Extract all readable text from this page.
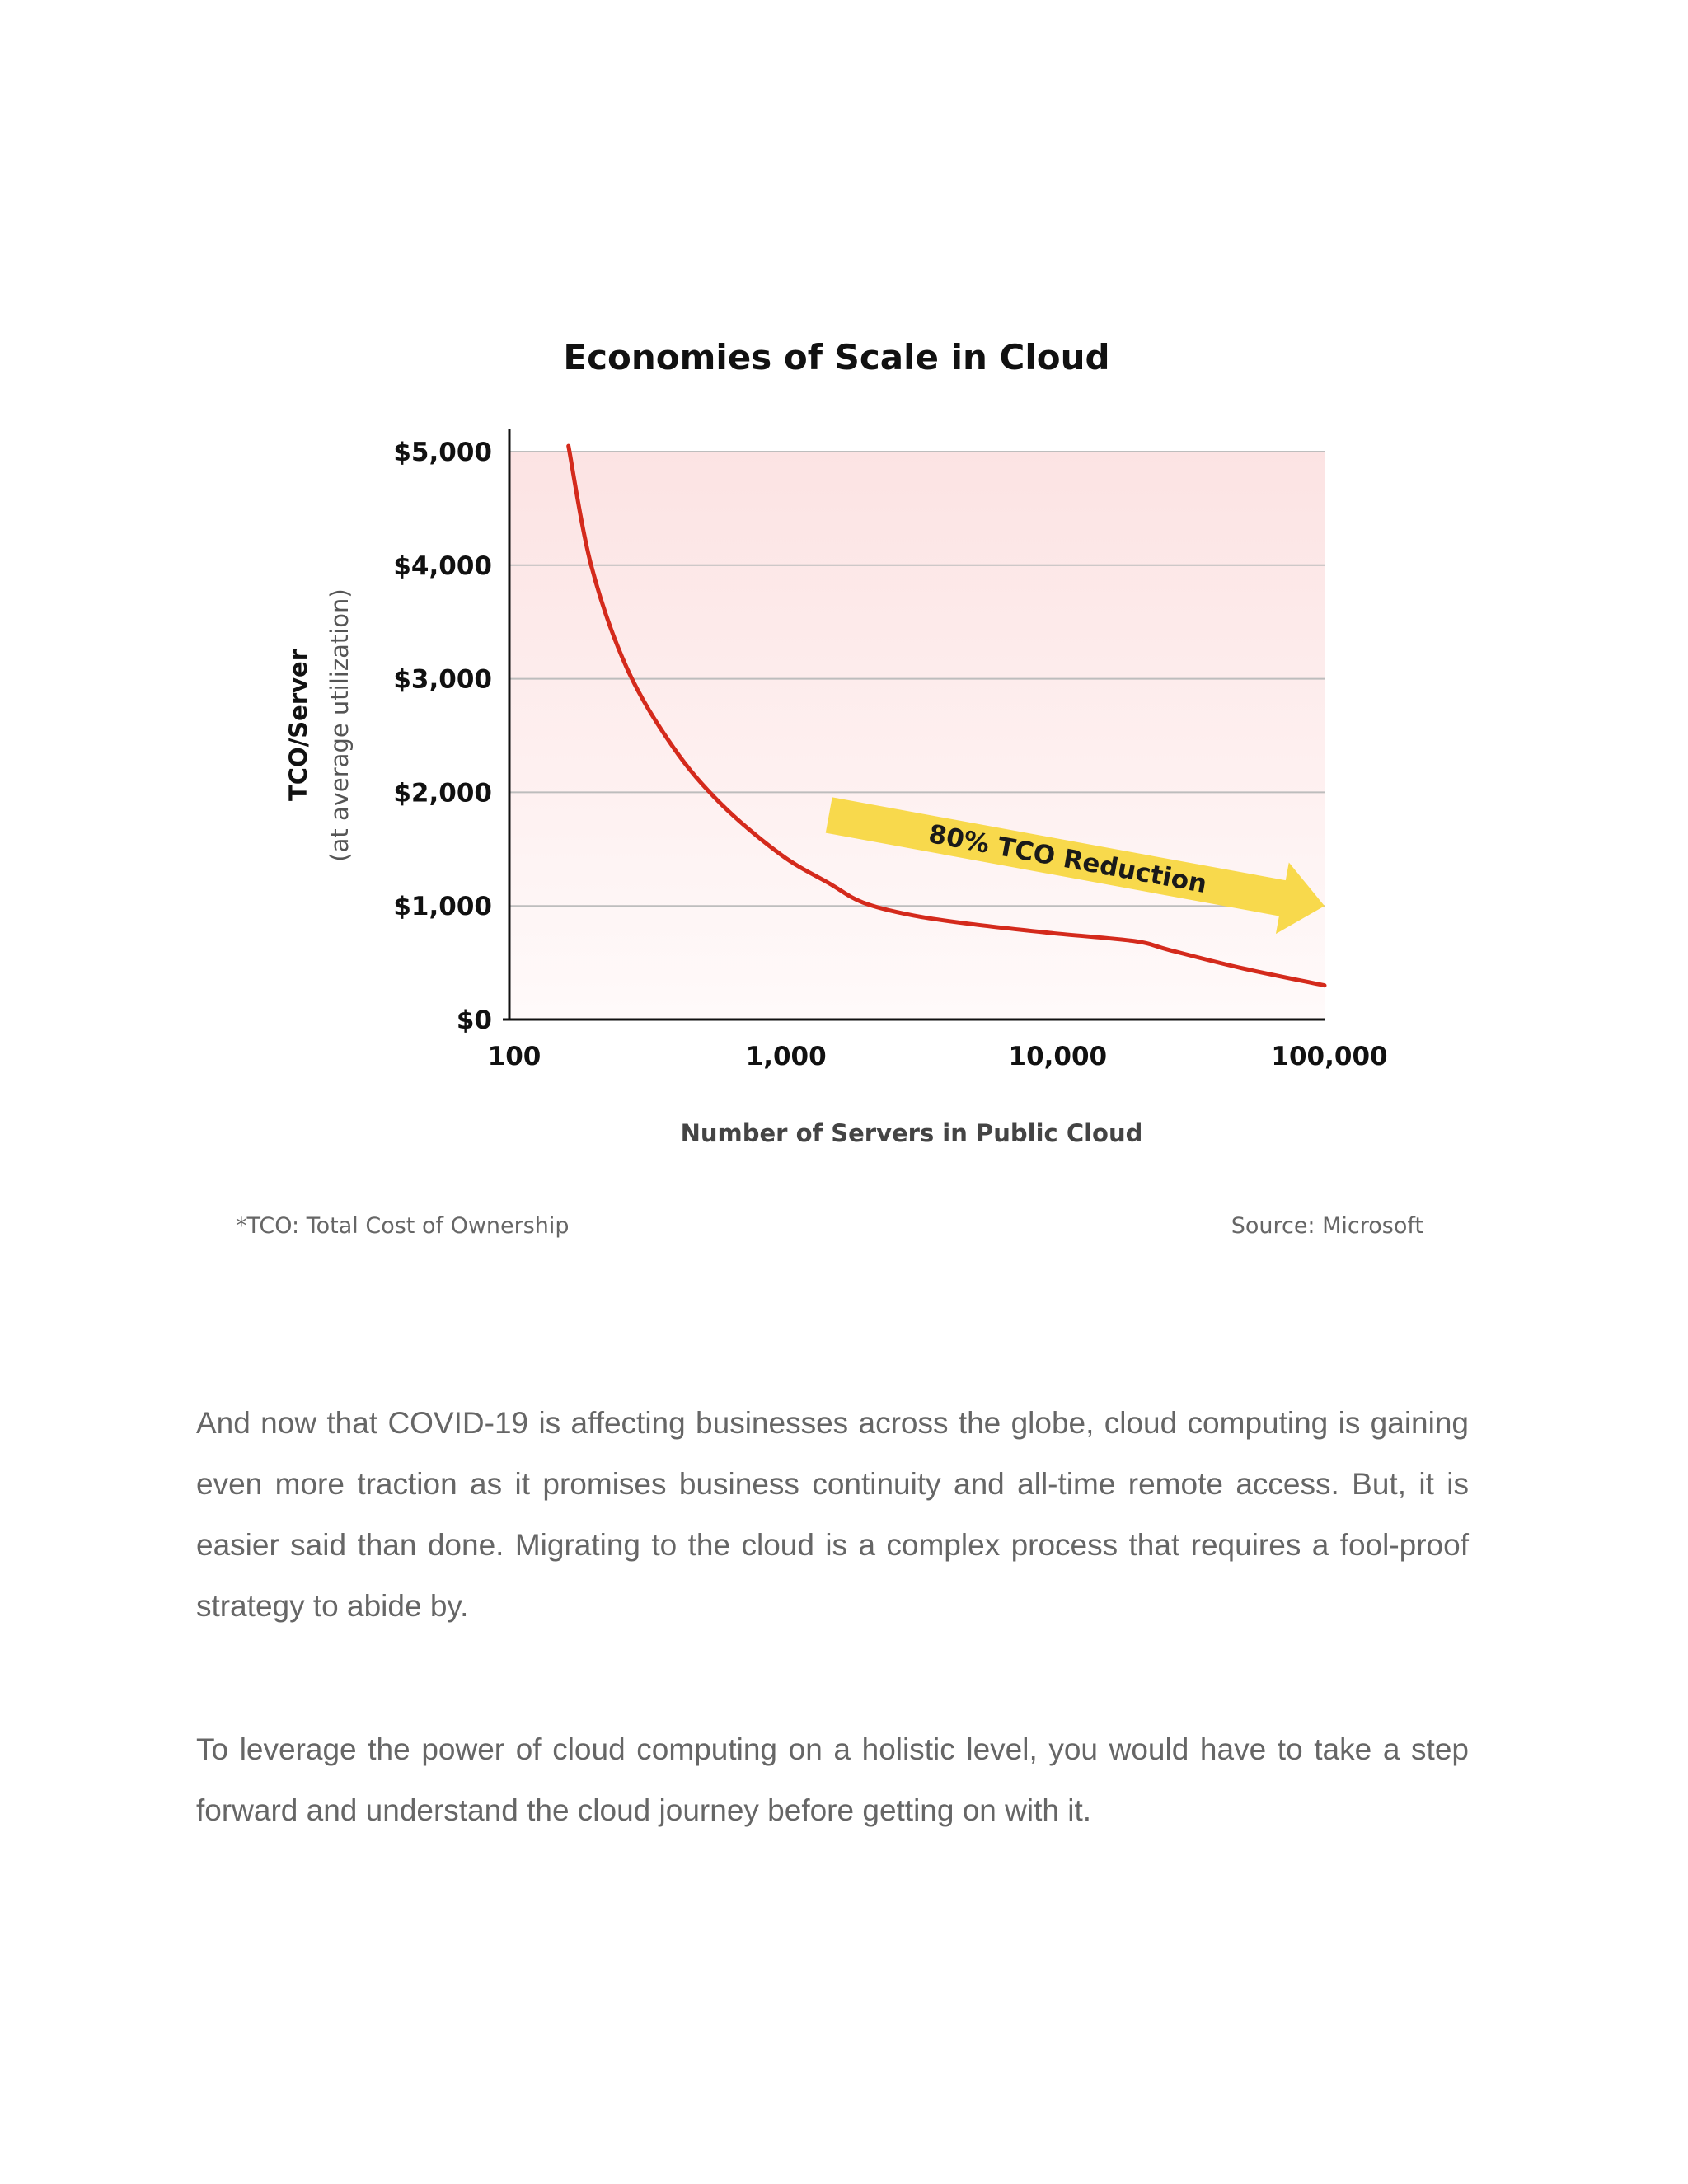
$0
$1,000
$2,000
$3,000
$4,000
$5,000
100	1,000	10,000	100,000
80% TCO Reduction
Economies of Scale in Cloud
TCO/Server (at average utilization)
Number of Servers in Public Cloud
*TCO: Total Cost of Ownership	Source: Microsoft

And now that COVID-19 is affecting businesses across the globe, cloud computing is gaining even more traction as it promises business continuity and all-time remote access. But, it is easier said than done. Migrating to the cloud is a complex process that requires a fool-proof strategy to abide by.

To leverage the power of cloud computing on a holistic level, you would have to take a step forward and understand the cloud journey before getting on with it.
